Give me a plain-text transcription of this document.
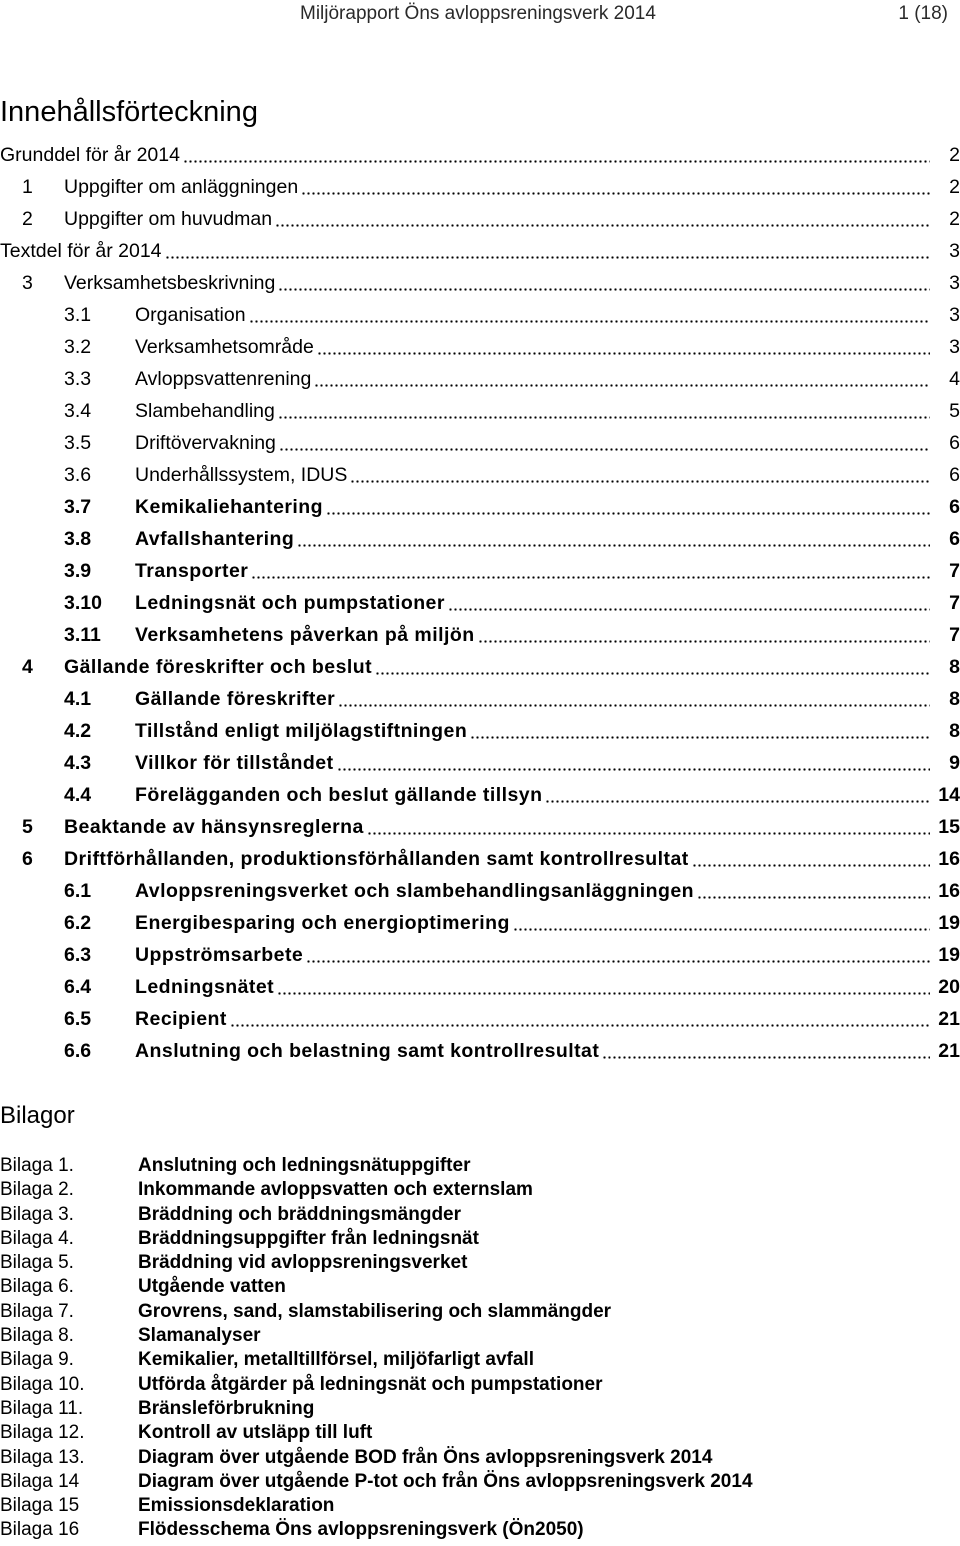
Miljörapport Öns avloppsreningsverk 2014	1 (18)
Innehållsförteckning
Grunddel för år 2014	2
1 Uppgifter om anläggningen	2
2 Uppgifter om huvudman	2
Textdel för år 2014	3
3 Verksamhetsbeskrivning	3
3.1 Organisation	3
3.2 Verksamhetsområde	3
3.3 Avloppsvattenrening	4
3.4 Slambehandling	5
3.5 Driftövervakning	6
3.6 Underhållssystem, IDUS	6
3.7 Kemikaliehantering	6
3.8 Avfallshantering	6
3.9 Transporter	7
3.10 Ledningsnät och pumpstationer	7
3.11 Verksamhetens påverkan på miljön	7
4 Gällande föreskrifter och beslut	8
4.1 Gällande föreskrifter	8
4.2 Tillstånd enligt miljölagstiftningen	8
4.3 Villkor för tillståndet	9
4.4 Förelägganden och beslut gällande tillsyn	14
5 Beaktande av hänsynsreglerna	15
6 Driftförhållanden, produktionsförhållanden samt kontrollresultat	16
6.1 Avloppsreningsverket och slambehandlingsanläggningen	16
6.2 Energibesparing och energioptimering	19
6.3 Uppströmsarbete	19
6.4 Ledningsnätet	20
6.5 Recipient	21
6.6 Anslutning och belastning samt kontrollresultat	21
Bilagor
Bilaga 1.	Anslutning och ledningsnätuppgifter
Bilaga 2.	Inkommande avloppsvatten och externslam
Bilaga 3.	Bräddning och bräddningsmängder
Bilaga 4.	Bräddningsuppgifter från ledningsnät
Bilaga 5.	Bräddning vid avloppsreningsverket
Bilaga 6.	Utgående vatten
Bilaga 7.	Grovrens, sand, slamstabilisering och slammängder
Bilaga 8.	Slamanalyser
Bilaga 9.	Kemikalier, metalltillförsel, miljöfarligt avfall
Bilaga 10.	Utförda åtgärder på ledningsnät och pumpstationer
Bilaga 11.	Bränsleförbrukning
Bilaga 12.	Kontroll av utsläpp till luft
Bilaga 13.	Diagram över utgående BOD från Öns avloppsreningsverk 2014
Bilaga 14	Diagram över utgående P-tot och från Öns avloppsreningsverk 2014
Bilaga 15	Emissionsdeklaration
Bilaga 16	Flödesschema Öns avloppsreningsverk (Ön2050)
